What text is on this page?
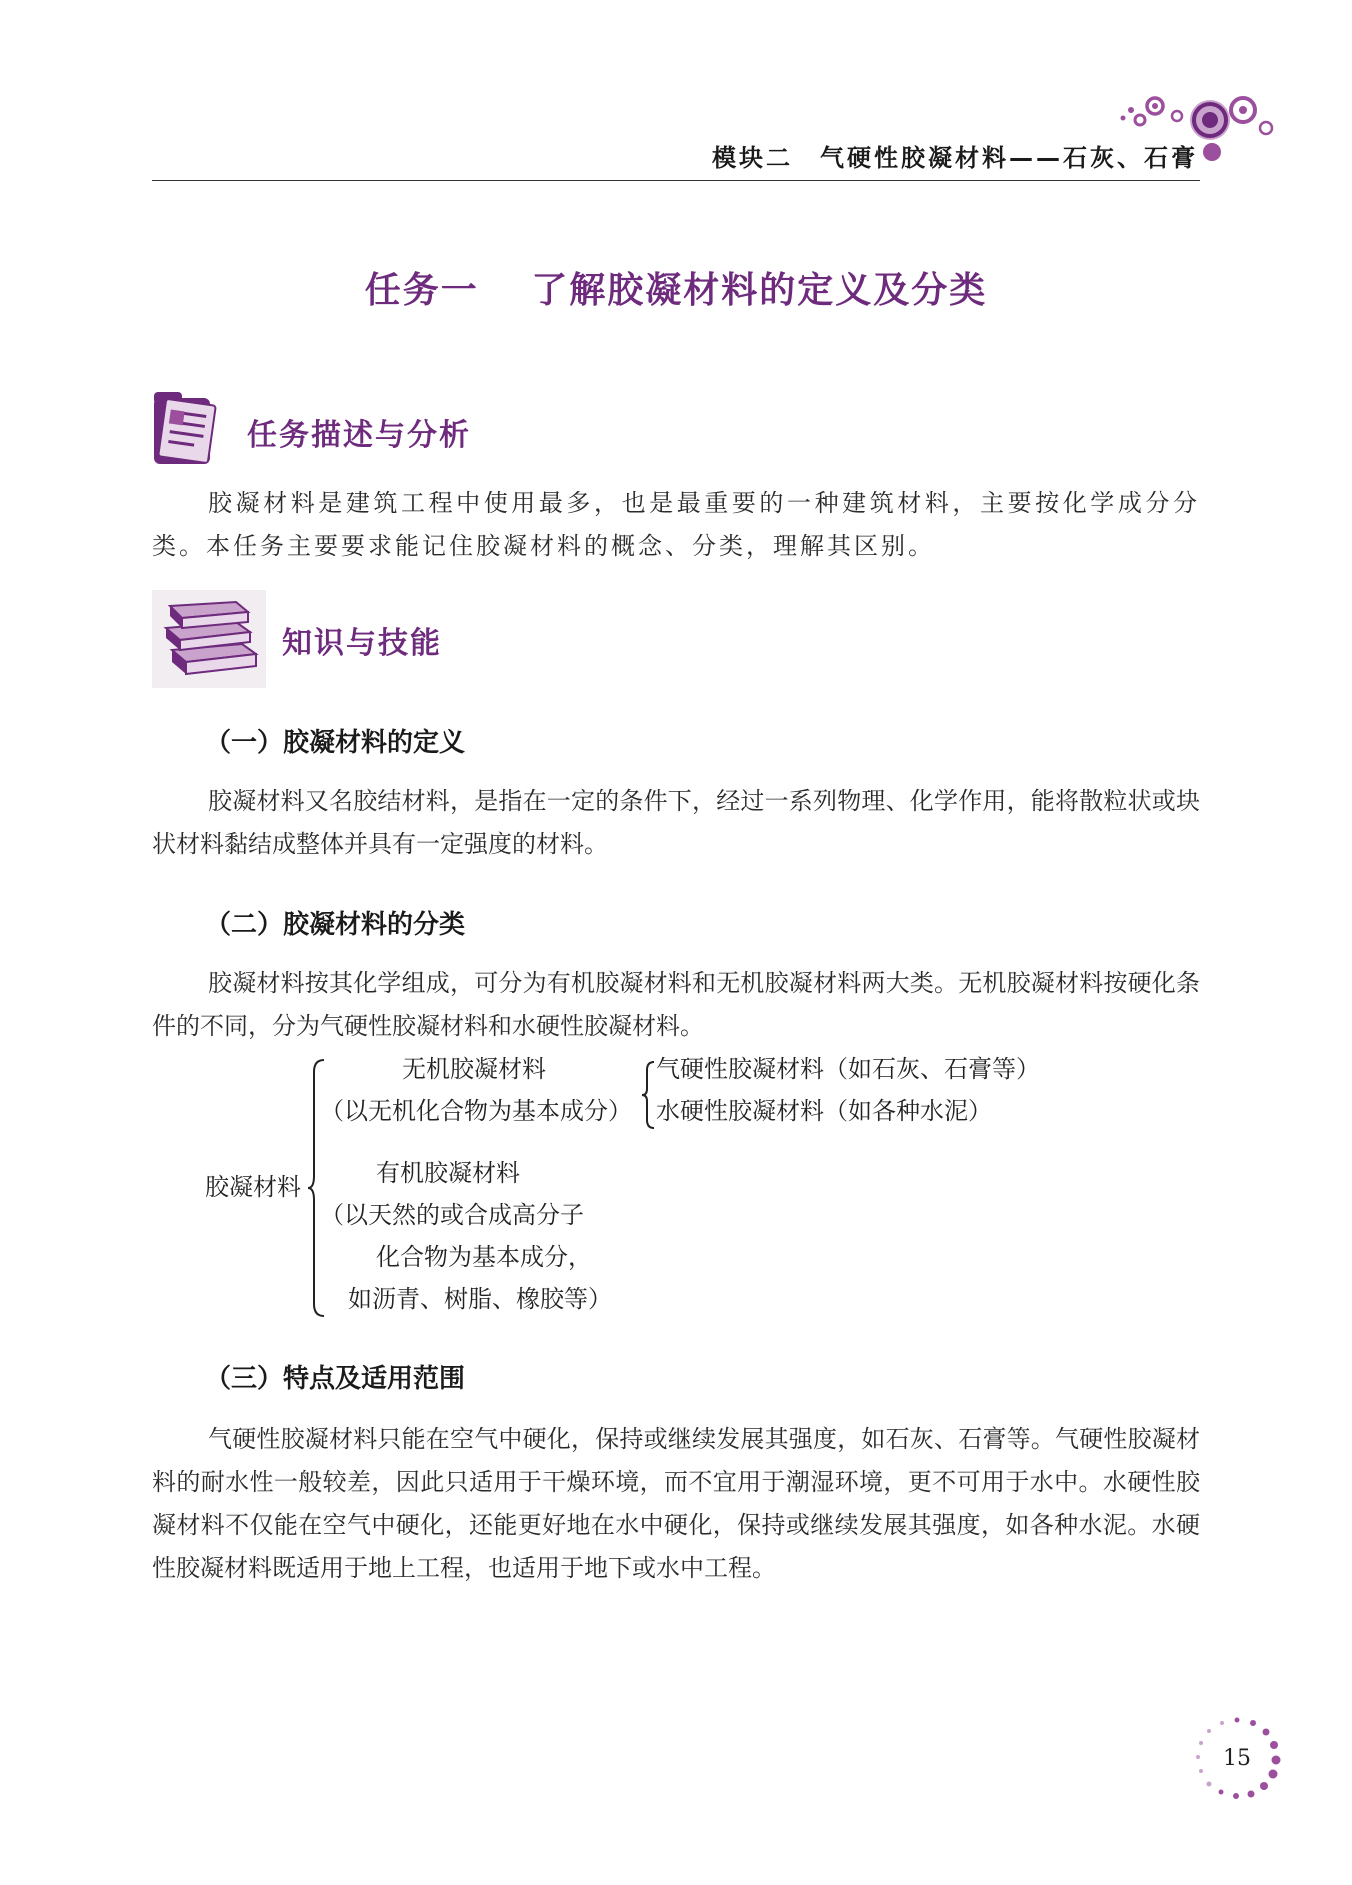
模块二　气硬性胶凝材料——石灰、石膏
任务一　 了解胶凝材料的定义及分类
任务描述与分析
胶凝材料是建筑工程中使用最多，也是最重要的一种建筑材料，主要按化学成分分类。本任务主要要求能记住胶凝材料的概念、分类，理解其区别。
知识与技能
（一）胶凝材料的定义
胶凝材料又名胶结材料，是指在一定的条件下，经过一系列物理、化学作用，能将散粒状或块状材料黏结成整体并具有一定强度的材料。
（二）胶凝材料的分类
胶凝材料按其化学组成，可分为有机胶凝材料和无机胶凝材料两大类。无机胶凝材料按硬化条件的不同，分为气硬性胶凝材料和水硬性胶凝材料。
胶凝材料
无机胶凝材料
（以无机化合物为基本成分）
气硬性胶凝材料（如石灰、石膏等）
水硬性胶凝材料（如各种水泥）
有机胶凝材料
（以天然的或合成高分子
化合物为基本成分，
如沥青、树脂、橡胶等）
（三）特点及适用范围
气硬性胶凝材料只能在空气中硬化，保持或继续发展其强度，如石灰、石膏等。气硬性胶凝材料的耐水性一般较差，因此只适用于干燥环境，而不宜用于潮湿环境，更不可用于水中。水硬性胶凝材料不仅能在空气中硬化，还能更好地在水中硬化，保持或继续发展其强度，如各种水泥。水硬性胶凝材料既适用于地上工程，也适用于地下或水中工程。
15
